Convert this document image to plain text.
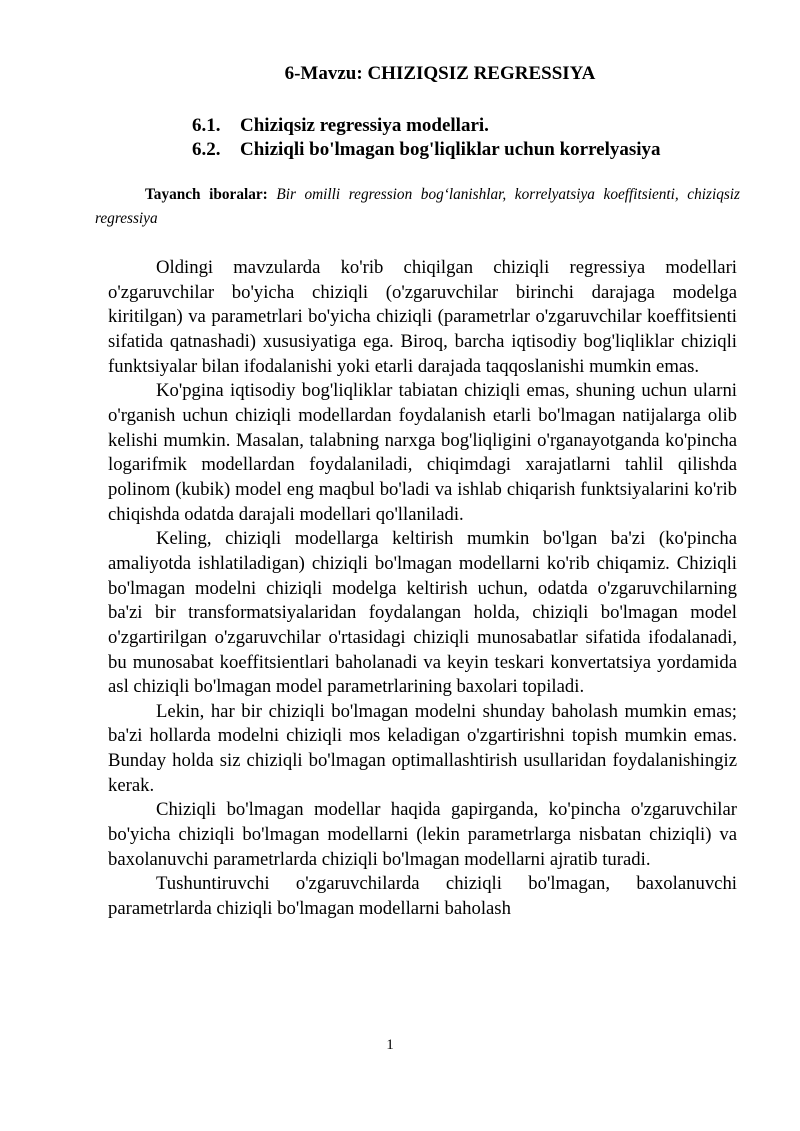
6-Mavzu: CHIZIQSIZ REGRESSIYA
6.1.	Chiziqsiz regressiya modellari.
6.2.	Chiziqli bo'lmagan bog'liqliklar uchun korrelyasiya

Tayanch iboralar: Bir omilli regression bog‘lanishlar, korrelyatsiya koeffitsienti, chiziqsiz regressiya

Oldingi mavzularda ko'rib chiqilgan chiziqli regressiya modellari o'zgaruvchilar bo'yicha chiziqli (o'zgaruvchilar birinchi darajaga modelga kiritilgan) va parametrlari bo'yicha chiziqli (parametrlar o'zgaruvchilar koeffitsienti sifatida qatnashadi) xususiyatiga ega. Biroq, barcha iqtisodiy bog'liqliklar chiziqli funktsiyalar bilan ifodalanishi yoki etarli darajada taqqoslanishi mumkin emas.

Ko'pgina iqtisodiy bog'liqliklar tabiatan chiziqli emas, shuning uchun ularni o'rganish uchun chiziqli modellardan foydalanish etarli bo'lmagan natijalarga olib kelishi mumkin. Masalan, talabning narxga bog'liqligini o'rganayotganda ko'pincha logarifmik modellardan foydalaniladi, chiqimdagi xarajatlarni tahlil qilishda polinom (kubik) model eng maqbul bo'ladi va ishlab chiqarish funktsiyalarini ko'rib chiqishda odatda darajali modellari qo'llaniladi.

Keling, chiziqli modellarga keltirish mumkin bo'lgan ba'zi (ko'pincha amaliyotda ishlatiladigan) chiziqli bo'lmagan modellarni ko'rib chiqamiz. Chiziqli bo'lmagan modelni chiziqli modelga keltirish uchun, odatda o'zgaruvchilarning ba'zi bir transformatsiyalaridan foydalangan holda, chiziqli bo'lmagan model o'zgartirilgan o'zgaruvchilar o'rtasidagi chiziqli munosabatlar sifatida ifodalanadi, bu munosabat koeffitsientlari baholanadi va keyin teskari konvertatsiya yordamida asl chiziqli bo'lmagan model parametrlarining baxolari topiladi.

Lekin, har bir chiziqli bo'lmagan modelni shunday baholash mumkin emas; ba'zi hollarda modelni chiziqli mos keladigan o'zgartirishni topish mumkin emas. Bunday holda siz chiziqli bo'lmagan optimallashtirish usullaridan foydalanishingiz kerak.

Chiziqli bo'lmagan modellar haqida gapirganda, ko'pincha o'zgaruvchilar bo'yicha chiziqli bo'lmagan modellarni (lekin parametrlarga nisbatan chiziqli) va baxolanuvchi parametrlarda chiziqli bo'lmagan modellarni ajratib turadi.

Tushuntiruvchi o'zgaruvchilarda chiziqli bo'lmagan, baxolanuvchi parametrlarda chiziqli bo'lmagan modellarni baholash

1
